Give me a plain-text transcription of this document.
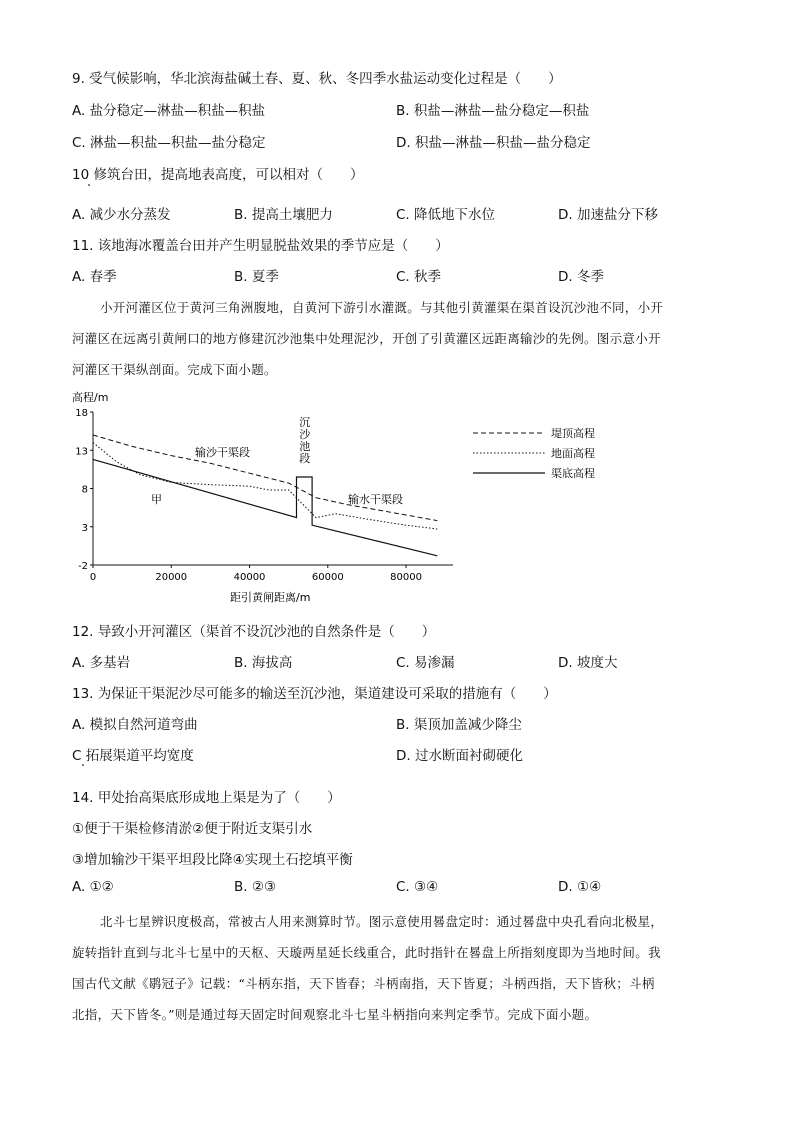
9. 受气候影响，华北滨海盐碱土春、夏、秋、冬四季水盐运动变化过程是（　　）
A. 盐分稳定—淋盐—积盐—积盐	B. 积盐—淋盐—盐分稳定—积盐
C. 淋盐—积盐—积盐—盐分稳定	D. 积盐—淋盐—积盐—盐分稳定
10 修筑台田，提高地表高度，可以相对（　　）
A. 减少水分蒸发	B. 提高土壤肥力	C. 降低地下水位	D. 加速盐分下移
11. 该地海冰覆盖台田并产生明显脱盐效果的季节应是（　　）
A. 春季	B. 夏季	C. 秋季	D. 冬季
小开河灌区位于黄河三角洲腹地，自黄河下游引水灌溉。与其他引黄灌渠在渠首设沉沙池不同，小开
河灌区在远离引黄闸口的地方修建沉沙池集中处理泥沙，开创了引黄灌区远距离输沙的先例。图示意小开
河灌区干渠纵剖面。完成下面小题。
高程/m
18
13
8
3
-2
0	20000	40000	60000	80000
输沙干渠段
甲
沉沙池段
输水干渠段
距引黄闸距离/m
堤顶高程
地面高程
渠底高程
12. 导致小开河灌区（渠首不设沉沙池的自然条件是（　　）
A. 多基岩	B. 海拔高	C. 易渗漏	D. 坡度大
13. 为保证干渠泥沙尽可能多的输送至沉沙池，渠道建设可采取的措施有（　　）
A. 模拟自然河道弯曲	B. 渠顶加盖减少降尘
C 拓展渠道平均宽度	D. 过水断面衬砌硬化
14. 甲处抬高渠底形成地上渠是为了（　　）
①便于干渠检修清淤②便于附近支渠引水
③增加输沙干渠平坦段比降④实现土石挖填平衡
A. ①②	B. ②③	C. ③④	D. ①④
北斗七星辨识度极高，常被古人用来测算时节。图示意使用晷盘定时：通过晷盘中央孔看向北极星，
旋转指针直到与北斗七星中的天枢、天璇两星延长线重合，此时指针在晷盘上所指刻度即为当地时间。我
国古代文献《鹖冠子》记载：“斗柄东指，天下皆春；斗柄南指，天下皆夏；斗柄西指，天下皆秋；斗柄
北指，天下皆冬。”则是通过每天固定时间观察北斗七星斗柄指向来判定季节。完成下面小题。
